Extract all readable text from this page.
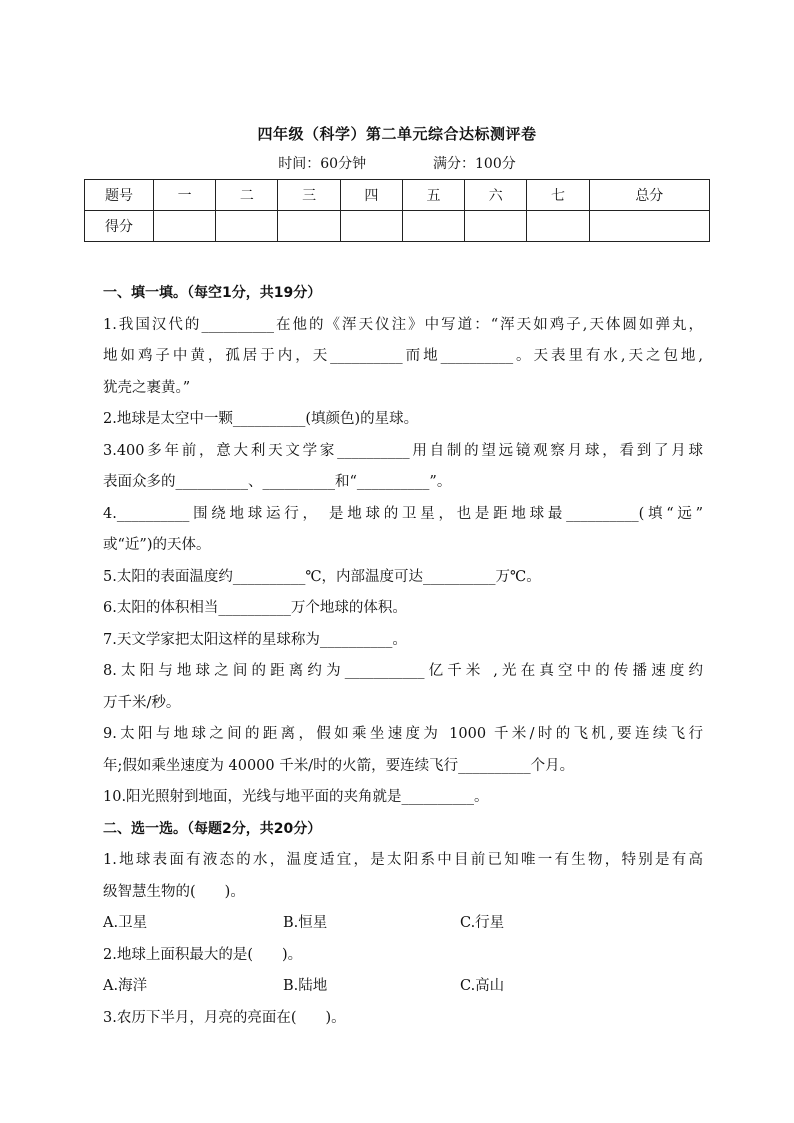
四年级（科学）第二单元综合达标测评卷
时间：60分钟	满分：100分
题号	一	二	三	四	五	六	七	总分
得分								
一、填一填。（每空1分，共19分）
1.我国汉代的__________在他的《浑天仪注》中写道：“浑天如鸡子,天体圆如弹丸，
地如鸡子中黄，孤居于内，天__________而地__________。天表里有水,天之包地,
犹壳之裹黄。”
2.地球是太空中一颗__________(填颜色)的星球。
3.400多年前，意大利天文学家__________用自制的望远镜观察月球，看到了月球
表面众多的__________、__________和“__________”。
4.__________围绕地球运行， 是地球的卫星，也是距地球最__________(填“远”
或“近”)的天体。
5.太阳的表面温度约__________℃，内部温度可达__________万℃。
6.太阳的体积相当__________万个地球的体积。
7.天文学家把太阳这样的星球称为__________。
8.太阳与地球之间的距离约为___________亿千米 ,光在真空中的传播速度约
万千米/秒。
9.太阳与地球之间的距离，假如乘坐速度为 1000 千米/时的飞机,要连续飞行
年;假如乘坐速度为 40000 千米/时的火箭，要连续飞行__________个月。
10.阳光照射到地面，光线与地平面的夹角就是__________。
二、选一选。（每题2分，共20分）
1.地球表面有液态的水，温度适宜，是太阳系中目前已知唯一有生物，特别是有高
级智慧生物的(　　)。
A.卫星	B.恒星	C.行星
2.地球上面积最大的是(　　)。
A.海洋	B.陆地	C.高山
3.农历下半月，月亮的亮面在(　　)。
